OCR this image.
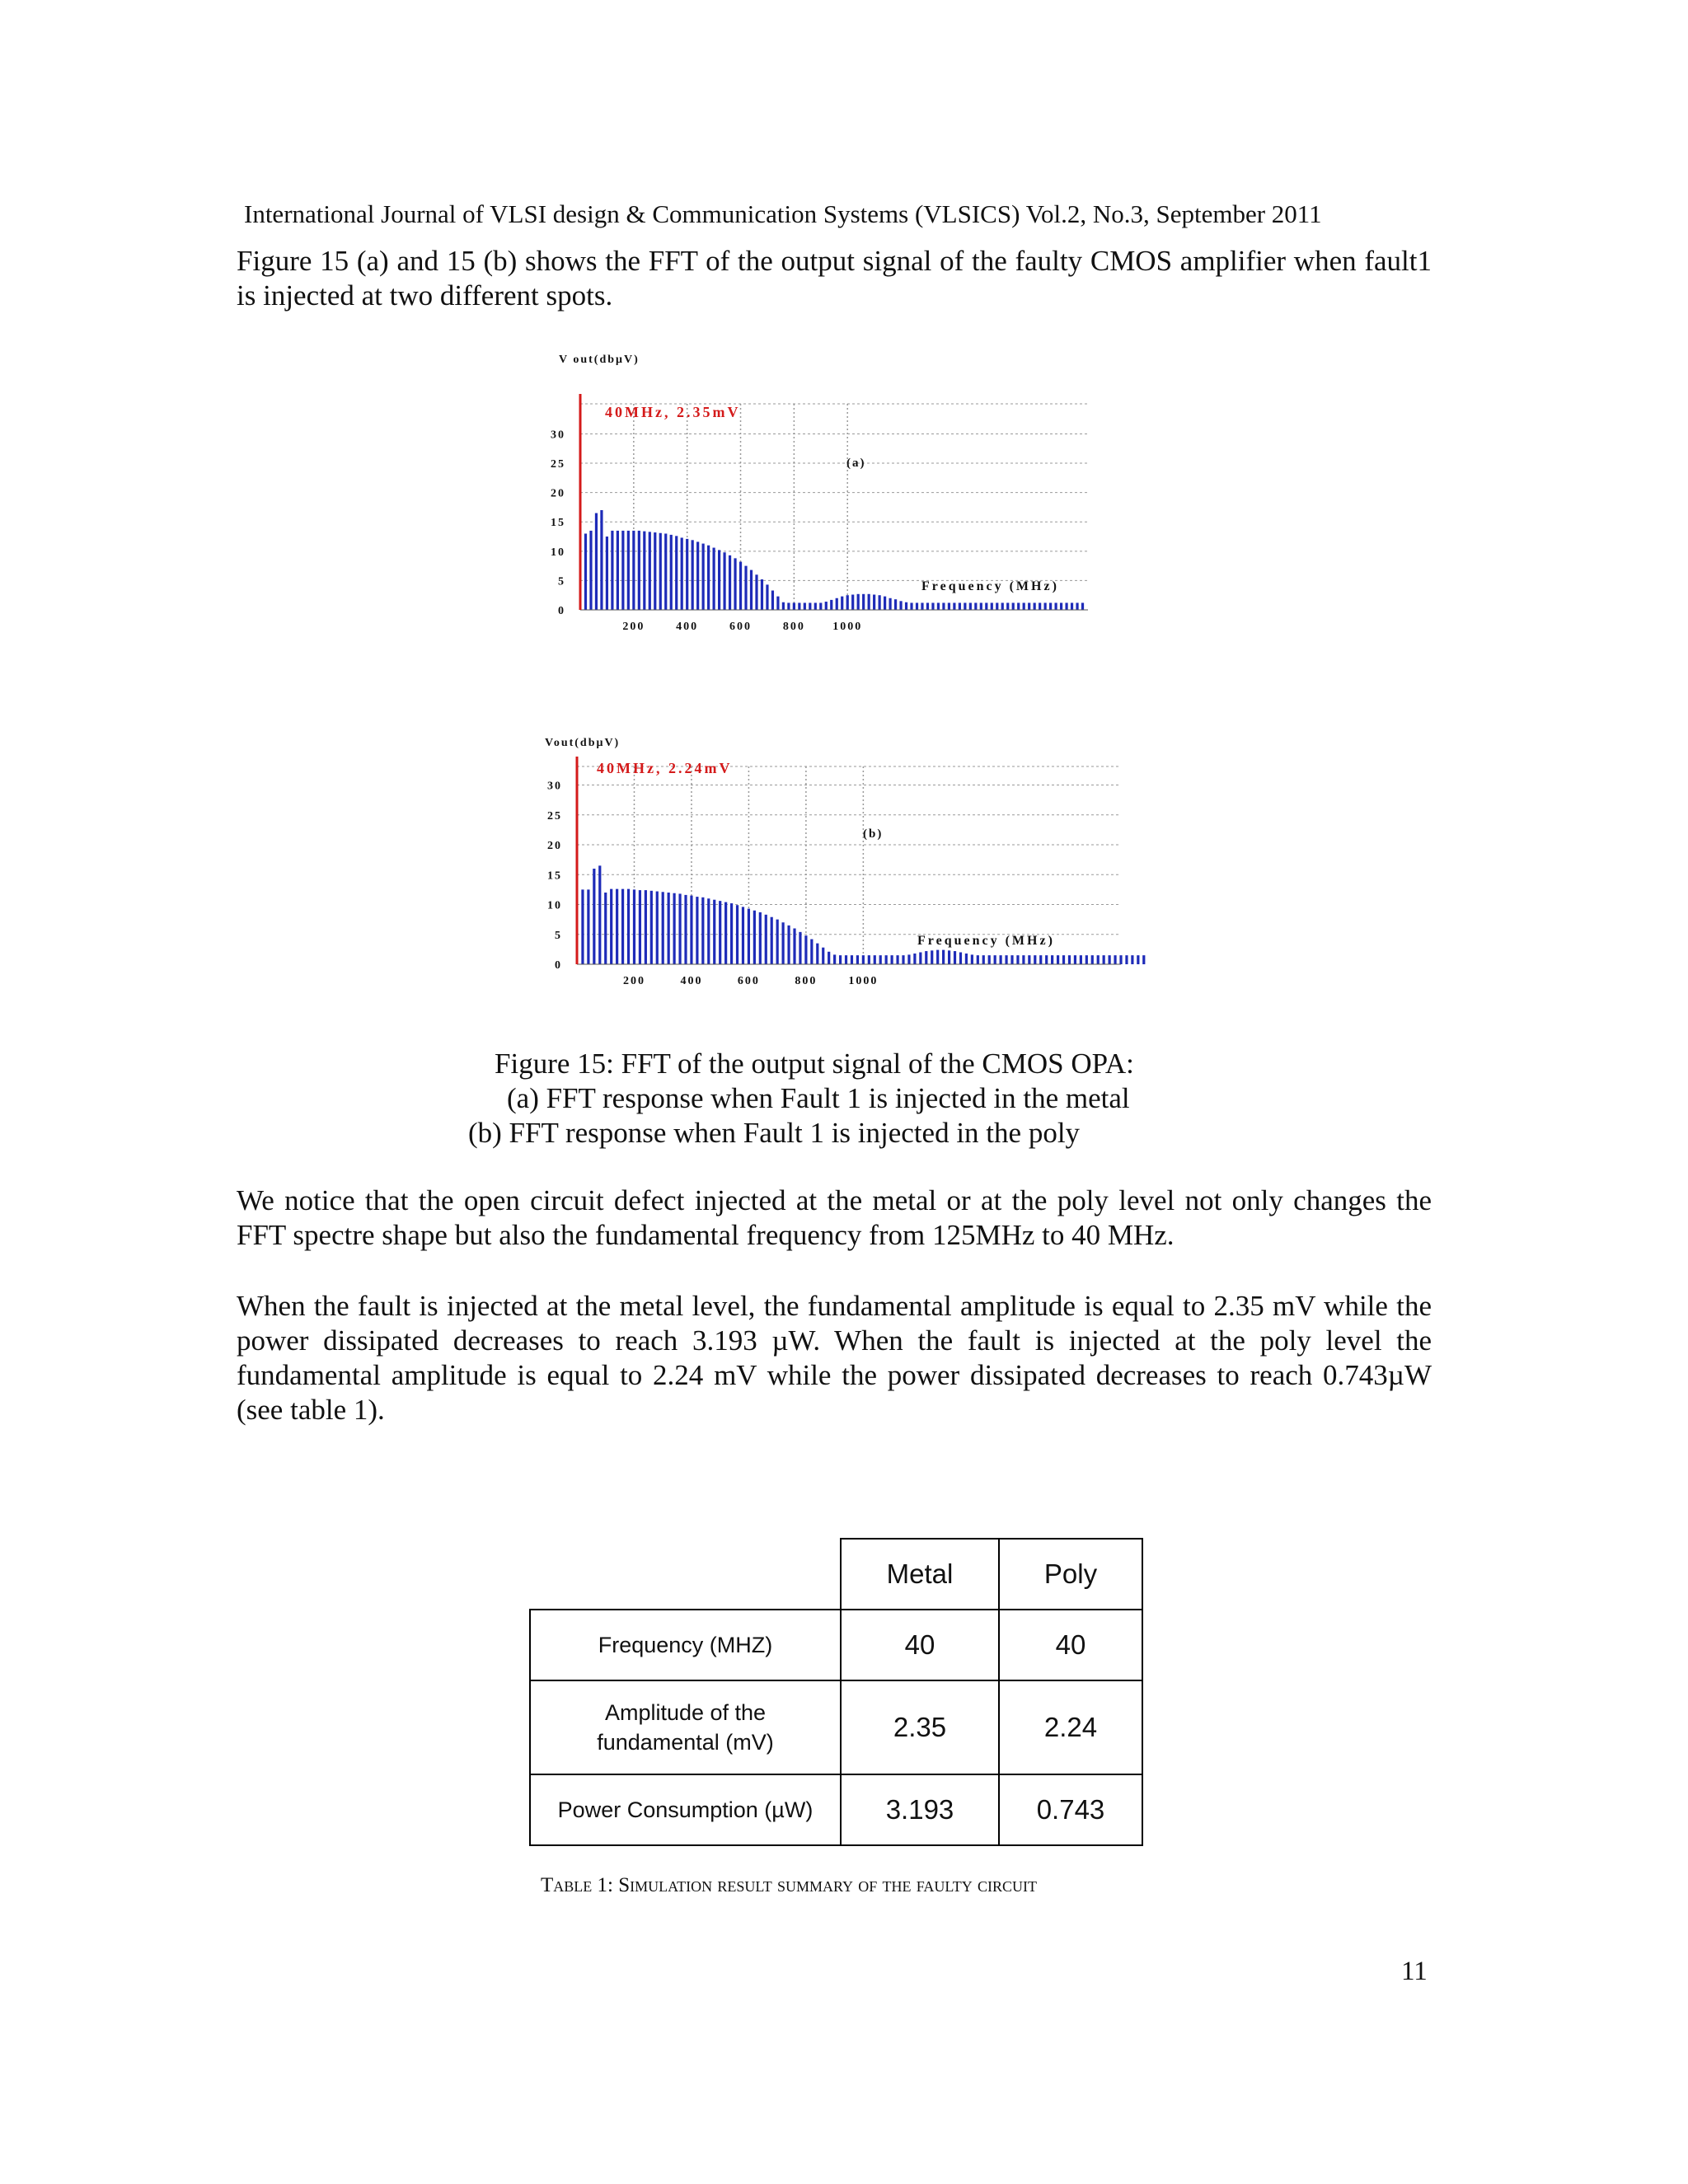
International Journal of VLSI design & Communication Systems (VLSICS) Vol.2, No.3, September 2011

Figure 15 (a) and 15 (b) shows the FFT of the output signal of the faulty CMOS amplifier when fault1 is injected at two different spots.

0
5
10
15
20
25
30
200	400	600	800 1000
V out(dbμV)
40MHz, 2.35mV
(a)
Frequency (MHz)
0
5
10
15
20
25
30
200	400	600	800	1000
Vout(dbμV)
40MHz, 2.24mV
(b)
Frequency (MHz)
Figure 15: FFT of the output signal of the CMOS OPA:
(a) FFT response when Fault 1 is injected in the metal
(b) FFT response when Fault 1 is injected in the poly

We notice that the open circuit defect injected at the metal or at the poly level not only changes the FFT spectre shape but also the fundamental frequency from 125MHz to 40 MHz.

When the fault is injected at the metal level, the fundamental amplitude is equal to 2.35 mV while the power dissipated decreases to reach 3.193 µW. When the fault is injected at the poly level the fundamental amplitude is equal to 2.24 mV while the power dissipated decreases to reach 0.743µW (see table 1).

	Metal	Poly
Frequency (MHZ)	40	40
Amplitude of the fundamental (mV)	2.35	2.24
Power Consumption (µW)	3.193	0.743
Table 1: Simulation result summary of the faulty circuit
11
